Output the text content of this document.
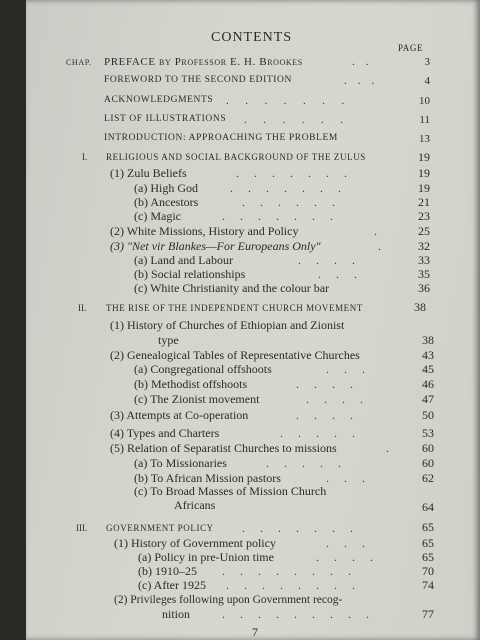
CONTENTS
PAGE
CHAP. PREFACE by Professor E. H. Brookes	.    .	3
FOREWORD TO THE SECOND EDITION	.    .    .	4
ACKNOWLEDGMENTS .      .      .      .      .      .      .	10
LIST OF ILLUSTRATIONS .      .      .      .      .      .	11
INTRODUCTION: APPROACHING THE PROBLEM	13
I. RELIGIOUS AND SOCIAL BACKGROUND OF THE ZULUS	19
(1) Zulu Beliefs	.     .     .     .     .     .     .	19
(a) High God	.     .     .     .     .     .     .	19
(b) Ancestors	.     .     .     .     .     .	21
(c) Magic	.     .     .     .     .     .     .	23
(2) White Missions, History and Policy	.	25
(3) "Net vir Blankes—For Europeans Only"	.	32
(a) Land and Labour	.     .     .     .	33
(b) Social relationships	.     .     .	35
(c) White Christianity and the colour bar	36
II. THE RISE OF THE INDEPENDENT CHURCH MOVEMENT	38
(1) History of Churches of Ethiopian and Zionist
type	38
(2) Genealogical Tables of Representative Churches	43
(a) Congregational offshoots	.     .     .	45
(b) Methodist offshoots	.     .     .     .	46
(c) The Zionist movement	.     .     .     .	47
(3) Attempts at Co-operation	.     .     .     .	50
(4) Types and Charters	.     .     .     .     .	53
(5) Relation of Separatist Churches to missions	.	60
(a) To Missionaries	.     .     .     .     .	60
(b) To African Mission pastors	.     .     .	62
(c) To Broad Masses of Mission Church
Africans	64
III. GOVERNMENT POLICY .     .     .     .     .     .     .	65
(1) History of Government policy	.     .     .	65
(a) Policy in pre-Union time	.     .     .     .	65
(b) 1910–25 .     .     .     .     .     .     .     .	70
(c) After 1925 .     .     .     .     .     .     .     .	74
(2) Privileges following upon Government recog-
nition	.     .     .     .     .     .     .     .     .	77
7
